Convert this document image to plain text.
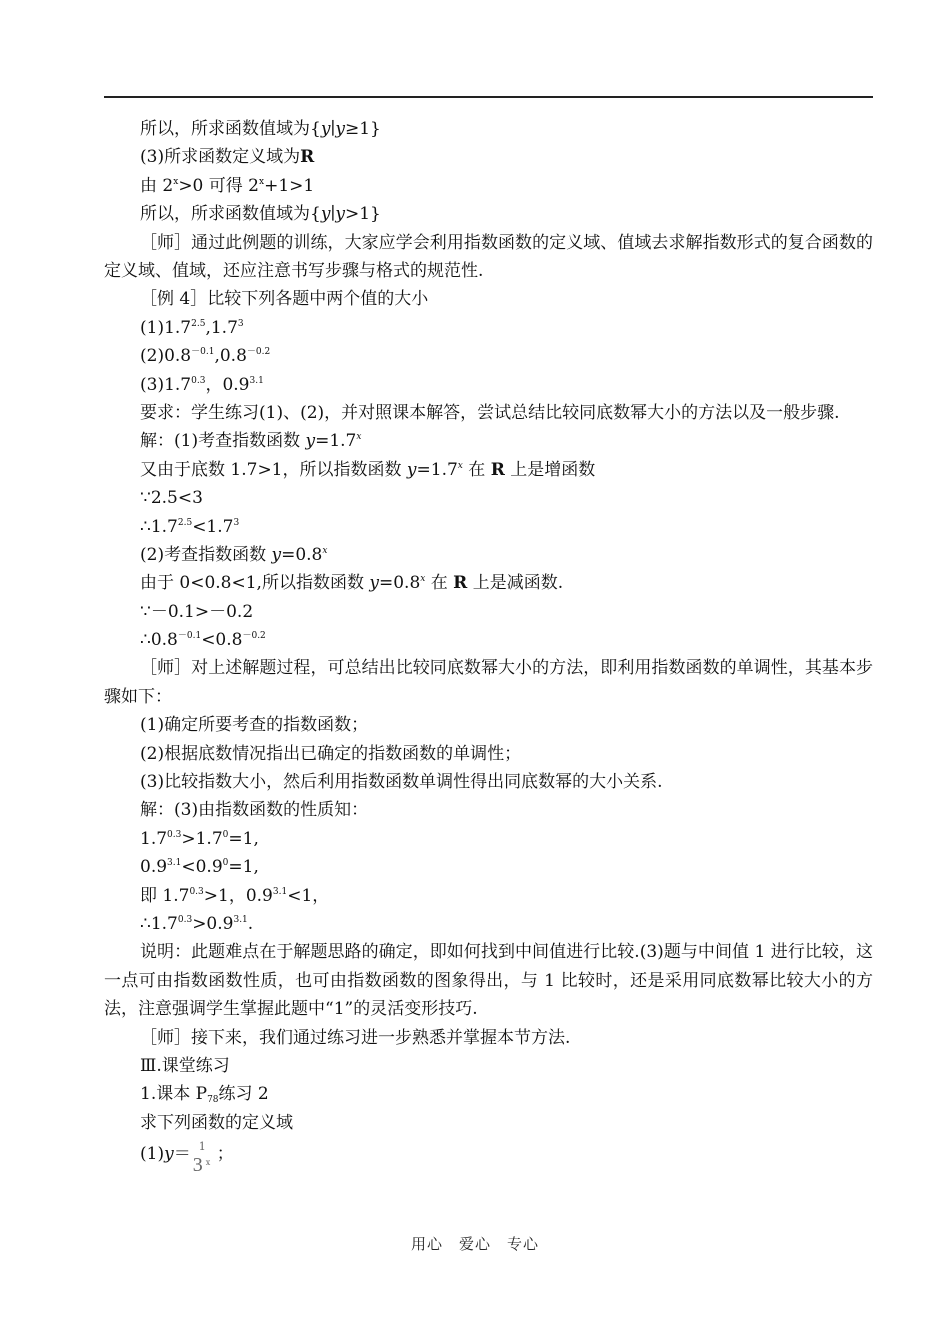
所以，所求函数值域为{y∣y≥1}
(3)所求函数定义域为R
由 $2^x>0$ 可得 $2^x+1>1$
所以，所求函数值域为{y∣y>1}
［师］通过此例题的训练，大家应学会利用指数函数的定义域、值域去求解指数形式的复合函数的定义域、值域，还应注意书写步骤与格式的规范性.
［例 4］比较下列各题中两个值的大小
$(1)1.7^{2.5},1.7^3$
$(2)0.8^{-0.1},0.8^{-0.2}$
$(3)1.7^{0.3}$，$0.9^{3.1}$
要求：学生练习(1)、(2)，并对照课本解答，尝试总结比较同底数幂大小的方法以及一般步骤.
解：(1)考查指数函数 $y=1.7^x$
又由于底数 1.7>1，所以指数函数 $y=1.7^x$ 在 R 上是增函数
∵2.5<3
$\therefore 1.7^{2.5}<1.7^3$
(2)考查指数函数 $y=0.8^x$
由于 0<0.8<1,所以指数函数 $y=0.8^x$ 在 R 上是减函数.
∵－0.1>－0.2
$\therefore 0.8^{-0.1}<0.8^{-0.2}$
［师］对上述解题过程，可总结出比较同底数幂大小的方法，即利用指数函数的单调性，其基本步骤如下：
(1)确定所要考查的指数函数；
(2)根据底数情况指出已确定的指数函数的单调性；
(3)比较指数大小，然后利用指数函数单调性得出同底数幂的大小关系.
解：(3)由指数函数的性质知：
$1.7^{0.3}>1.7^0=1$,
$0.9^{3.1}<0.9^0=1$,
即 $1.7^{0.3}>1$，$0.9^{3.1}<1$，
$\therefore 1.7^{0.3}>0.9^{3.1}$.
说明：此题难点在于解题思路的确定，即如何找到中间值进行比较.(3)题与中间值 1 进行比较，这一点可由指数函数性质，也可由指数函数的图象得出，与 1 比较时，还是采用同底数幂比较大小的方法，注意强调学生掌握此题中“1”的灵活变形技巧.
［师］接下来，我们通过练习进一步熟悉并掌握本节方法.
Ⅲ.课堂练习
1.课本 $P_{78}$练习 2
求下列函数的定义域
(1)y＝ 1
3 x ；
用心　爱心　专心
